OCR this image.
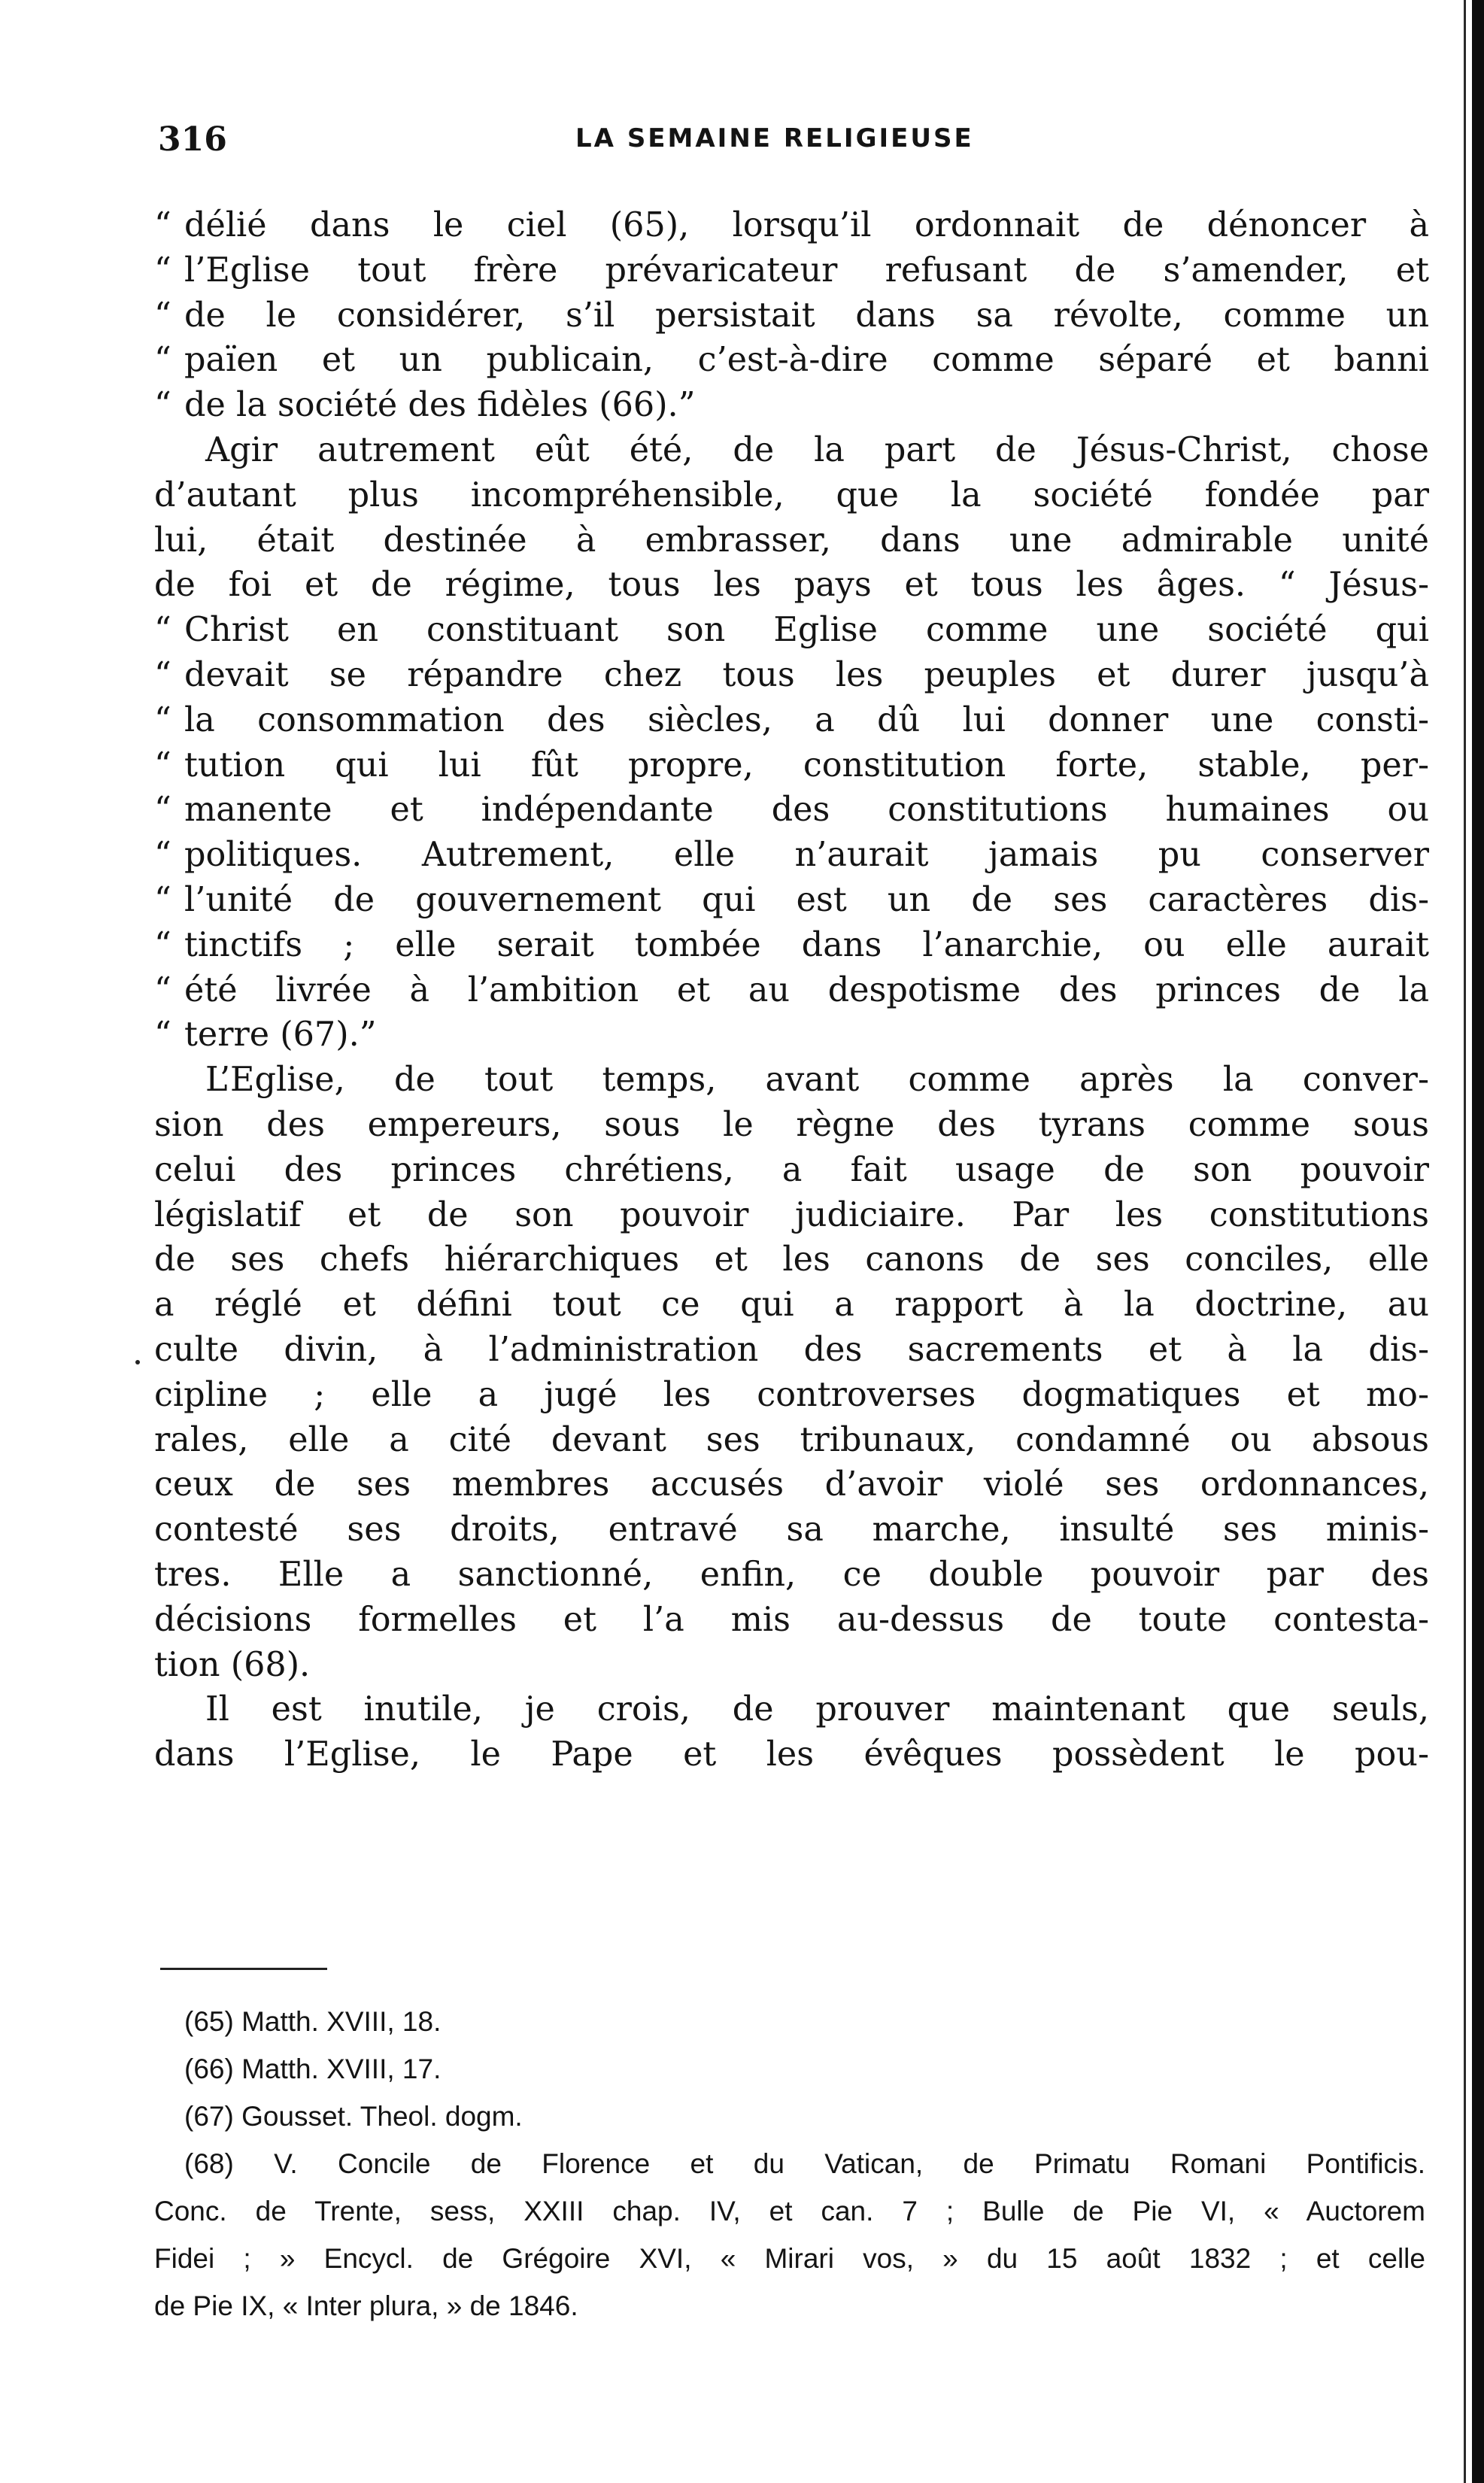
316	LA SEMAINE RELIGIEUSE
“ délié dans le ciel (65), lorsqu’il ordonnait de dénoncer à
“ l’Eglise tout frère prévaricateur refusant de s’amender, et
“ de le considérer, s’il persistait dans sa révolte, comme un
“ païen et un publicain, c’est-à-dire comme séparé et banni
“ de la société des fidèles (66).”
Agir autrement eût été, de la part de Jésus-Christ, chose
d’autant plus incompréhensible, que la société fondée par
lui, était destinée à embrasser, dans une admirable unité
de foi et de régime, tous les pays et tous les âges. “ Jésus-
“ Christ en constituant son Eglise comme une société qui
“ devait se répandre chez tous les peuples et durer jusqu’à
“ la consommation des siècles, a dû lui donner une consti-
“ tution qui lui fût propre, constitution forte, stable, per-
“ manente et indépendante des constitutions humaines ou
“ politiques. Autrement, elle n’aurait jamais pu conserver
“ l’unité de gouvernement qui est un de ses caractères dis-
“ tinctifs ; elle serait tombée dans l’anarchie, ou elle aurait
“ été livrée à l’ambition et au despotisme des princes de la
“ terre (67).”
L’Eglise, de tout temps, avant comme après la conver-
sion des empereurs, sous le règne des tyrans comme sous
celui des princes chrétiens, a fait usage de son pouvoir
législatif et de son pouvoir judiciaire. Par les constitutions
de ses chefs hiérarchiques et les canons de ses conciles, elle
a réglé et défini tout ce qui a rapport à la doctrine, au
culte divin, à l’administration des sacrements et à la dis-
cipline ; elle a jugé les controverses dogmatiques et mo-
rales, elle a cité devant ses tribunaux, condamné ou absous
ceux de ses membres accusés d’avoir violé ses ordonnances,
contesté ses droits, entravé sa marche, insulté ses minis-
tres. Elle a sanctionné, enfin, ce double pouvoir par des
décisions formelles et l’a mis au-dessus de toute contesta-
tion (68).
Il est inutile, je crois, de prouver maintenant que seuls,
dans l’Eglise, le Pape et les évêques possèdent le pou-
(65) Matth. XVIII, 18.
(66) Matth. XVIII, 17.
(67) Gousset. Theol. dogm.
(68) V. Concile de Florence et du Vatican, de Primatu Romani Pontificis.
Conc. de Trente, sess, XXIII chap. IV, et can. 7 ; Bulle de Pie VI, « Auctorem
Fidei ; » Encycl. de Grégoire XVI, « Mirari vos, » du 15 août 1832 ; et celle
de Pie IX, « Inter plura, » de 1846.
